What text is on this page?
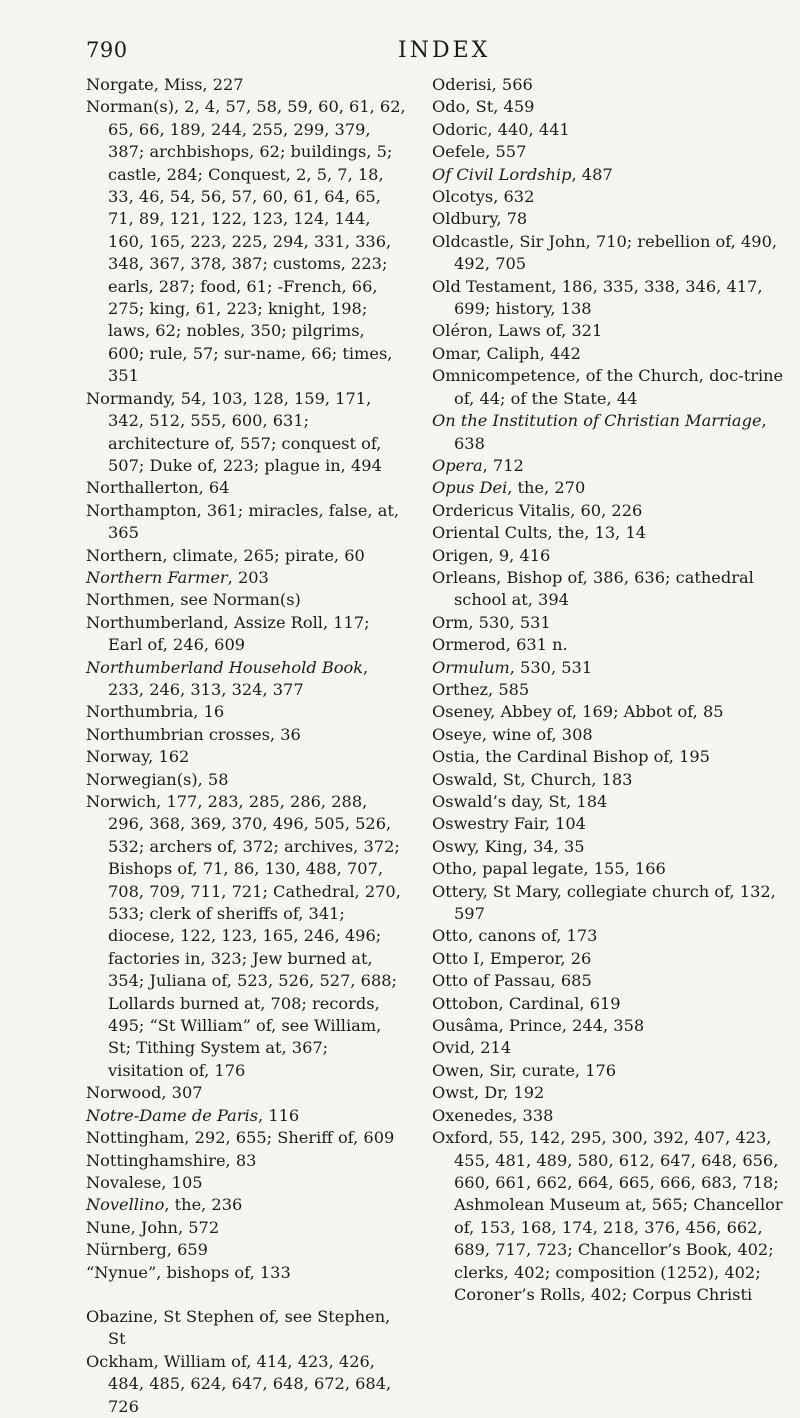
790	INDEX

Norgate, Miss, 227

Norman(s), 2, 4, 57, 58, 59, 60, 61, 62, 65, 66, 189, 244, 255, 299, 379, 387; archbishops, 62; buildings, 5; castle, 284; Conquest, 2, 5, 7, 18, 33, 46, 54, 56, 57, 60, 61, 64, 65, 71, 89, 121, 122, 123, 124, 144, 160, 165, 223, 225, 294, 331, 336, 348, 367, 378, 387; customs, 223; earls, 287; food, 61; -French, 66, 275; king, 61, 223; knight, 198; laws, 62; nobles, 350; pilgrims, 600; rule, 57; sur-name, 66; times, 351

Normandy, 54, 103, 128, 159, 171, 342, 512, 555, 600, 631; architecture of, 557; conquest of, 507; Duke of, 223; plague in, 494

Northallerton, 64

Northampton, 361; miracles, false, at, 365

Northern, climate, 265; pirate, 60

Northern Farmer, 203

Northmen, see Norman(s)

Northumberland, Assize Roll, 117; Earl of, 246, 609

Northumberland Household Book, 233, 246, 313, 324, 377

Northumbria, 16

Northumbrian crosses, 36

Norway, 162

Norwegian(s), 58

Norwich, 177, 283, 285, 286, 288, 296, 368, 369, 370, 496, 505, 526, 532; archers of, 372; archives, 372; Bishops of, 71, 86, 130, 488, 707, 708, 709, 711, 721; Cathedral, 270, 533; clerk of sheriffs of, 341; diocese, 122, 123, 165, 246, 496; factories in, 323; Jew burned at, 354; Juliana of, 523, 526, 527, 688; Lollards burned at, 708; records, 495; “St William” of, see William, St; Tithing System at, 367; visitation of, 176

Norwood, 307

Notre-Dame de Paris, 116

Nottingham, 292, 655; Sheriff of, 609

Nottinghamshire, 83

Novalese, 105

Novellino, the, 236

Nune, John, 572

Nürnberg, 659

“Nynue”, bishops of, 133

Obazine, St Stephen of, see Stephen, St

Ockham, William of, 414, 423, 426, 484, 485, 624, 647, 648, 672, 684, 726

Oderisi, 566

Odo, St, 459

Odoric, 440, 441

Oefele, 557

Of Civil Lordship, 487

Olcotys, 632

Oldbury, 78

Oldcastle, Sir John, 710; rebellion of, 490, 492, 705

Old Testament, 186, 335, 338, 346, 417, 699; history, 138

Oléron, Laws of, 321

Omar, Caliph, 442

Omnicompetence, of the Church, doc-trine of, 44; of the State, 44

On the Institution of Christian Marriage, 638

Opera, 712

Opus Dei, the, 270

Ordericus Vitalis, 60, 226

Oriental Cults, the, 13, 14

Origen, 9, 416

Orleans, Bishop of, 386, 636; cathedral school at, 394

Orm, 530, 531

Ormerod, 631 n.

Ormulum, 530, 531

Orthez, 585

Oseney, Abbey of, 169; Abbot of, 85

Oseye, wine of, 308

Ostia, the Cardinal Bishop of, 195

Oswald, St, Church, 183

Oswald’s day, St, 184

Oswestry Fair, 104

Oswy, King, 34, 35

Otho, papal legate, 155, 166

Ottery, St Mary, collegiate church of, 132, 597

Otto, canons of, 173

Otto I, Emperor, 26

Otto of Passau, 685

Ottobon, Cardinal, 619

Ousâma, Prince, 244, 358

Ovid, 214

Owen, Sir, curate, 176

Owst, Dr, 192

Oxenedes, 338

Oxford, 55, 142, 295, 300, 392, 407, 423, 455, 481, 489, 580, 612, 647, 648, 656, 660, 661, 662, 664, 665, 666, 683, 718; Ashmolean Museum at, 565; Chancellor of, 153, 168, 174, 218, 376, 456, 662, 689, 717, 723; Chancellor’s Book, 402; clerks, 402; composition (1252), 402; Coroner’s Rolls, 402; Corpus Christi
